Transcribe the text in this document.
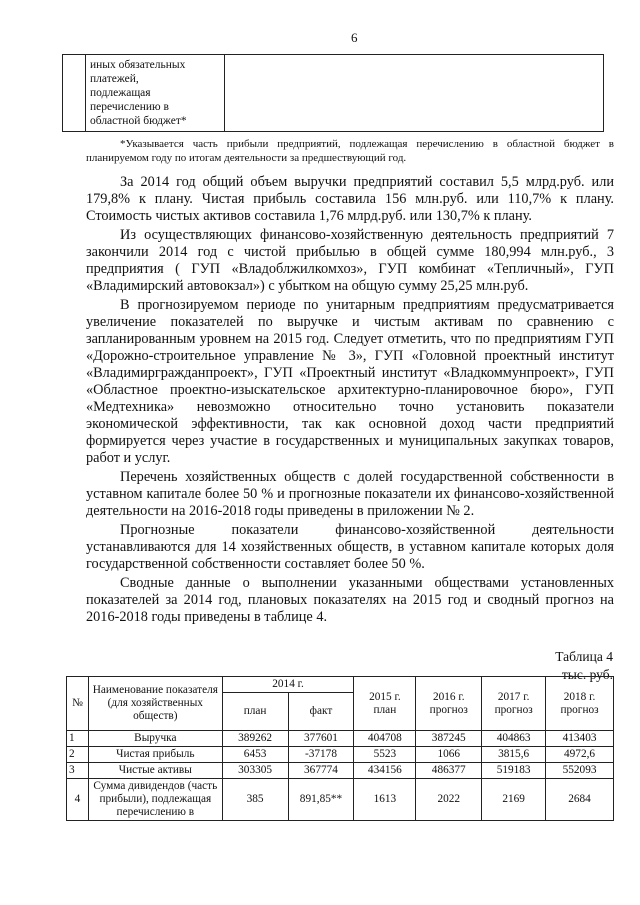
6

иных обязательных
платежей,
подлежащая
перечислению в
областной бюджет*

*Указывается часть прибыли предприятий, подлежащая перечислению в областной бюджет в планируемом году по итогам деятельности за предшествующий год.

За 2014 год общий объем выручки предприятий составил 5,5 млрд.руб. или 179,8% к плану. Чистая прибыль составила 156 млн.руб. или 110,7% к плану. Стоимость чистых активов составила 1,76 млрд.руб. или 130,7% к плану.

Из осуществляющих финансово-хозяйственную деятельность предприятий 7 закончили 2014 год с чистой прибылью в общей сумме 180,994 млн.руб., 3 предприятия ( ГУП «Владоблжилкомхоз», ГУП комбинат «Тепличный», ГУП «Владимирский автовокзал») с убытком на общую сумму 25,25 млн.руб.

В прогнозируемом периоде по унитарным предприятиям предусматривается увеличение показателей по выручке и чистым активам по сравнению с запланированным уровнем на 2015 год. Следует отметить, что по предприятиям ГУП «Дорожно-строительное управление № 3», ГУП «Головной проектный институт «Владимиргражданпроект», ГУП «Проектный институт «Владкоммунпроект», ГУП «Областное проектно-изыскательское архитектурно-планировочное бюро», ГУП «Медтехника» невозможно относительно точно установить показатели экономической эффективности, так как основной доход части предприятий формируется через участие в государственных и муниципальных закупках товаров, работ и услуг.

Перечень хозяйственных обществ с долей государственной собственности в уставном капитале более 50 % и прогнозные показатели их финансово-хозяйственной деятельности на 2016-2018 годы приведены в приложении № 2.

Прогнозные показатели финансово-хозяйственной деятельности устанавливаются для 14 хозяйственных обществ, в уставном капитале которых доля государственной собственности составляет более 50 %.

Сводные данные о выполнении указанными обществами установленных показателей за 2014 год, плановых показателях на 2015 год и сводный прогноз на 2016-2018 годы приведены в таблице 4.

Таблица 4
тыс. руб.
№	Наименование показателя (для хозяйственных обществ)	2014 г.		2015 г. план	2016 г. прогноз	2017 г. прогноз	2018 г. прогноз
		план	факт				
1	Выручка	389262	377601	404708	387245	404863	413403
2	Чистая прибыль	6453	-37178	5523	1066	3815,6	4972,6
3	Чистые активы	303305	367774	434156	486377	519183	552093
4	Сумма дивидендов (часть прибыли), подлежащая перечислению в	385	891,85**	1613	2022	2169	2684
